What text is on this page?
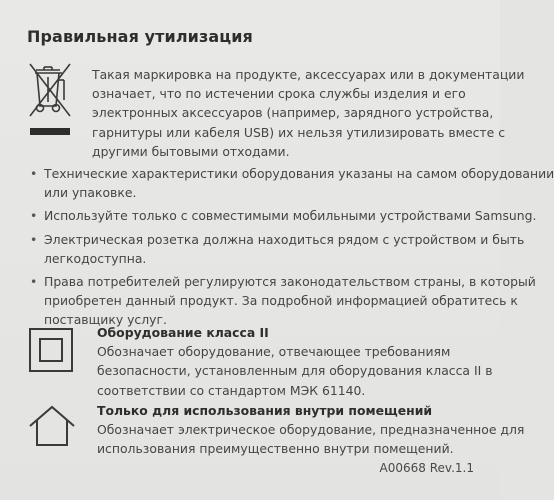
Правильная утилизация
Такая маркировка на продукте, аксессуарах или в документации
означает, что по истечении срока службы изделия и его
электронных аксессуаров (например, зарядного устройства,
гарнитуры или кабеля USB) их нельзя утилизировать вместе с
другими бытовыми отходами.
• Технические характеристики оборудования указаны на самом оборудовании
или упаковке.
• Используйте только с совместимыми мобильными устройствами Samsung.
• Электрическая розетка должна находиться рядом с устройством и быть
легкодоступна.
• Права потребителей регулируются законодательством страны, в который
приобретен данный продукт. За подробной информацией обратитесь к
поставщику услуг.
Оборудование класса II
Обозначает оборудование, отвечающее требованиям
безопасности, установленным для оборудования класса II в
соответствии со стандартом МЭК 61140.
Только для использования внутри помещений
Обозначает электрическое оборудование, предназначенное для
использования преимущественно внутри помещений.
A00668 Rev.1.1
